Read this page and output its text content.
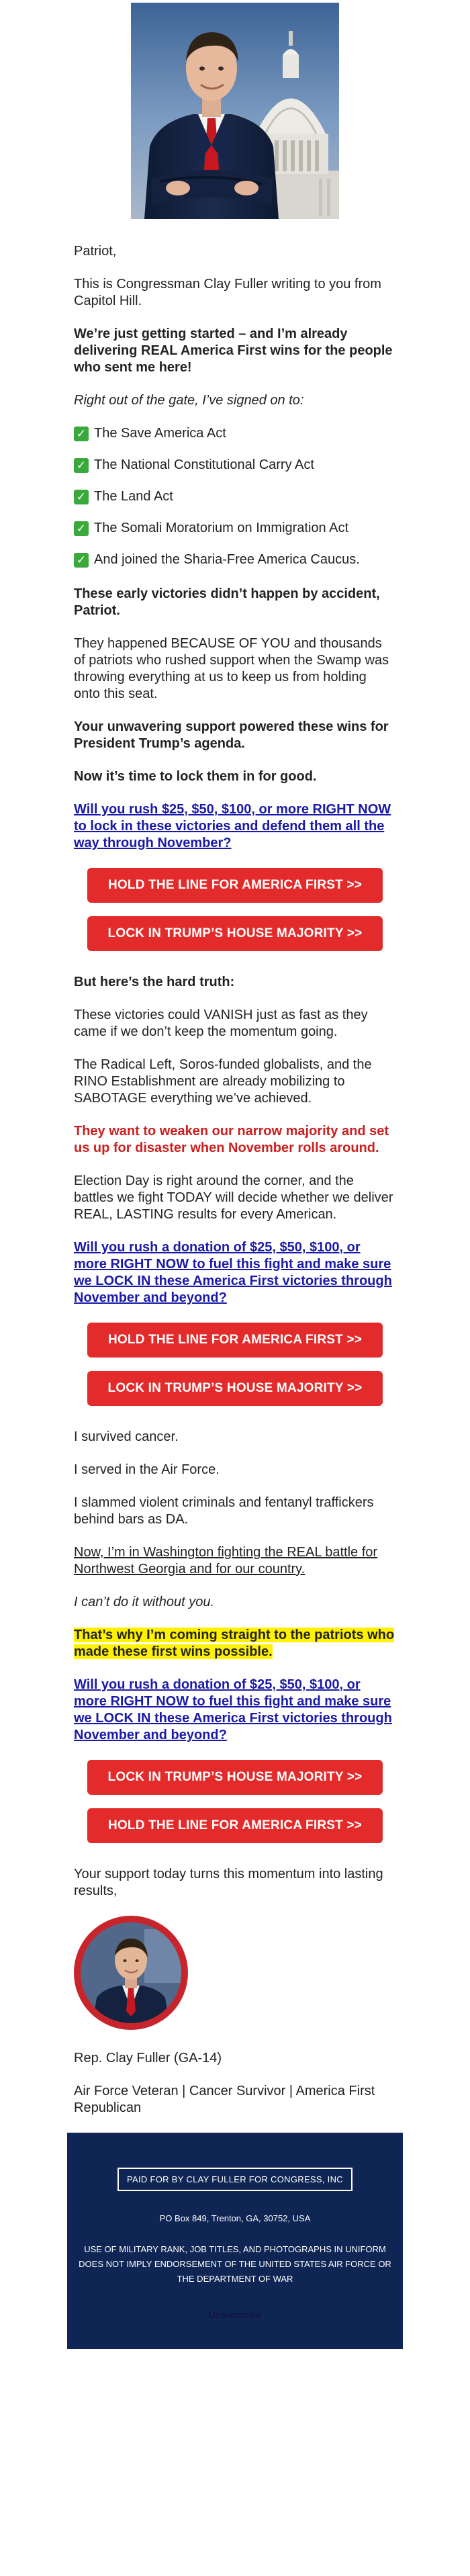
Patriot,

This is Congressman Clay Fuller writing to you from Capitol Hill.

We’re just getting started – and I’m already delivering REAL America First wins for the people who sent me here!

Right out of the gate, I’ve signed on to:

✓ The Save America Act
✓ The National Constitutional Carry Act
✓ The Land Act
✓ The Somali Moratorium on Immigration Act
✓ And joined the Sharia-Free America Caucus.

These early victories didn’t happen by accident, Patriot.

They happened BECAUSE OF YOU and thousands of patriots who rushed support when the Swamp was throwing everything at us to keep us from holding onto this seat.

Your unwavering support powered these wins for President Trump’s agenda.

Now it’s time to lock them in for good.

Will you rush $25, $50, $100, or more RIGHT NOW to lock in these victories and defend them all the way through November?

HOLD THE LINE FOR AMERICA FIRST >>
LOCK IN TRUMP’S HOUSE MAJORITY >>

But here’s the hard truth:

These victories could VANISH just as fast as they came if we don’t keep the momentum going.

The Radical Left, Soros-funded globalists, and the RINO Establishment are already mobilizing to SABOTAGE everything we’ve achieved.

They want to weaken our narrow majority and set us up for disaster when November rolls around.

Election Day is right around the corner, and the battles we fight TODAY will decide whether we deliver REAL, LASTING results for every American.

Will you rush a donation of $25, $50, $100, or more RIGHT NOW to fuel this fight and make sure we LOCK IN these America First victories through November and beyond?

HOLD THE LINE FOR AMERICA FIRST >>
LOCK IN TRUMP’S HOUSE MAJORITY >>

I survived cancer.

I served in the Air Force.

I slammed violent criminals and fentanyl traffickers behind bars as DA.

Now, I’m in Washington fighting the REAL battle for Northwest Georgia and for our country.

I can’t do it without you.

That’s why I’m coming straight to the patriots who made these first wins possible.

Will you rush a donation of $25, $50, $100, or more RIGHT NOW to fuel this fight and make sure we LOCK IN these America First victories through November and beyond?

LOCK IN TRUMP’S HOUSE MAJORITY >>
HOLD THE LINE FOR AMERICA FIRST >>

Your support today turns this momentum into lasting results,

Rep. Clay Fuller (GA-14)

Air Force Veteran | Cancer Survivor | America First Republican

PAID FOR BY CLAY FULLER FOR CONGRESS, INC

PO Box 849, Trenton, GA, 30752, USA

USE OF MILITARY RANK, JOB TITLES, AND PHOTOGRAPHS IN UNIFORM DOES NOT IMPLY ENDORSEMENT OF THE UNITED STATES AIR FORCE OR THE DEPARTMENT OF WAR

Unsubscribe
